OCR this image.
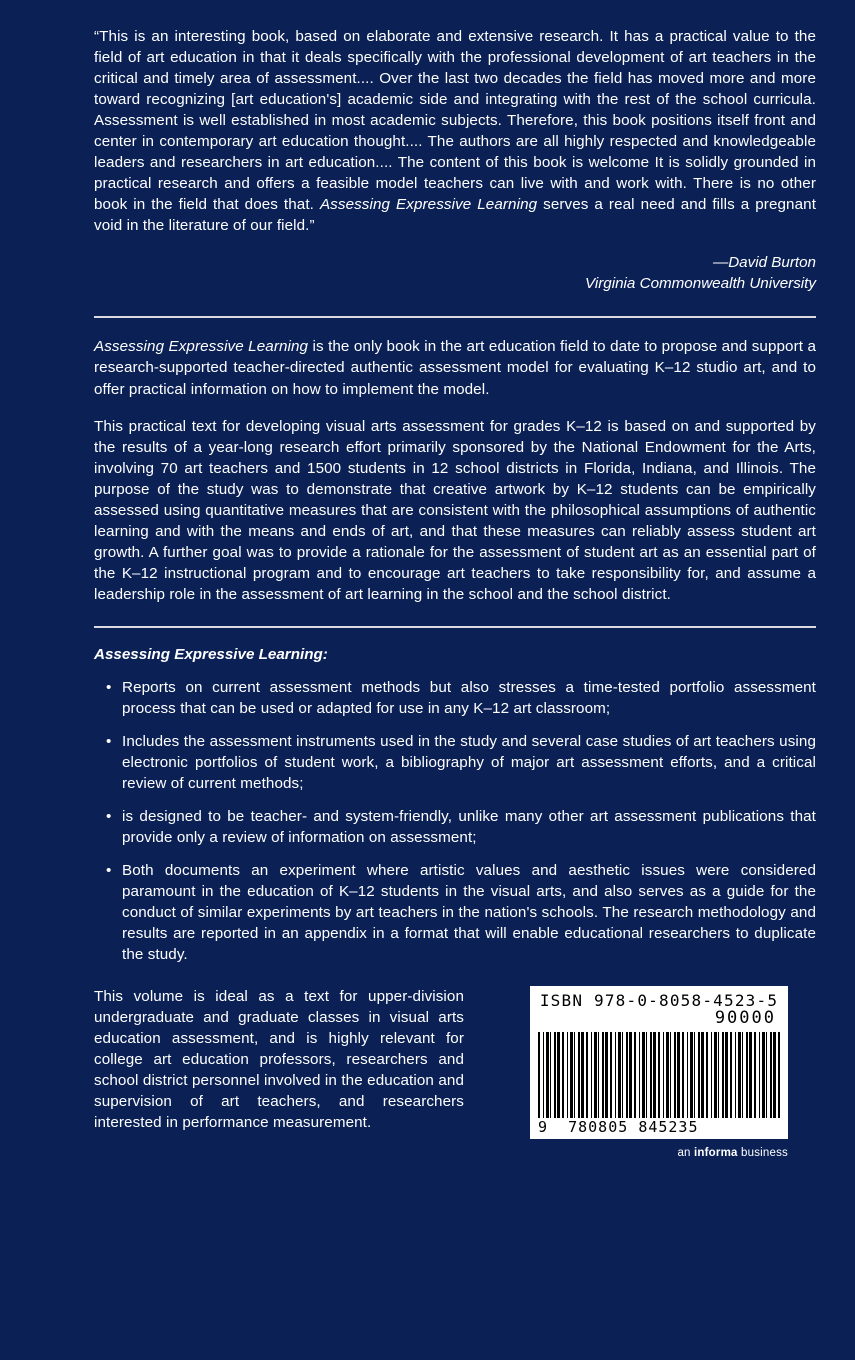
“This is an interesting book, based on elaborate and extensive research. It has a practical value to the field of art education in that it deals specifically with the professional development of art teachers in the critical and timely area of assessment.... Over the last two decades the field has moved more and more toward recognizing [art education's] academic side and integrating with the rest of the school curricula. Assessment is well established in most academic subjects. Therefore, this book positions itself front and center in contemporary art education thought.... The authors are all highly respected and knowledgeable leaders and researchers in art education.... The content of this book is welcome It is solidly grounded in practical research and offers a feasible model teachers can live with and work with. There is no other book in the field that does that. Assessing Expressive Learning serves a real need and fills a pregnant void in the literature of our field.”
—David Burton
Virginia Commonwealth University

Assessing Expressive Learning is the only book in the art education field to date to propose and support a research-supported teacher-directed authentic assessment model for evaluating K–12 studio art, and to offer practical information on how to implement the model.

This practical text for developing visual arts assessment for grades K–12 is based on and supported by the results of a year-long research effort primarily sponsored by the National Endowment for the Arts, involving 70 art teachers and 1500 students in 12 school districts in Florida, Indiana, and Illinois. The purpose of the study was to demonstrate that creative artwork by K–12 students can be empirically assessed using quantitative measures that are consistent with the philosophical assumptions of authentic learning and with the means and ends of art, and that these measures can reliably assess student art growth. A further goal was to provide a rationale for the assessment of student art as an essential part of the K–12 instructional program and to encourage art teachers to take responsibility for, and assume a leadership role in the assessment of art learning in the school and the school district.

Assessing Expressive Learning:
• Reports on current assessment methods but also stresses a time-tested portfolio assessment process that can be used or adapted for use in any K–12 art classroom;
• Includes the assessment instruments used in the study and several case studies of art teachers using electronic portfolios of student work, a bibliography of major art assessment efforts, and a critical review of current methods;
• is designed to be teacher- and system-friendly, unlike many other art assessment publications that provide only a review of information on assessment;
• Both documents an experiment where artistic values and aesthetic issues were considered paramount in the education of K–12 students in the visual arts, and also serves as a guide for the conduct of similar experiments by art teachers in the nation's schools. The research methodology and results are reported in an appendix in a format that will enable educational researchers to duplicate the study.
This volume is ideal as a text for upper-division undergraduate and graduate classes in visual arts education assessment, and is highly relevant for college art education professors, researchers and school district personnel involved in the education and supervision of art teachers, and researchers interested in performance measurement.
ISBN 978-0-8058-4523-5
90000
9 780805 845235
an informa business
